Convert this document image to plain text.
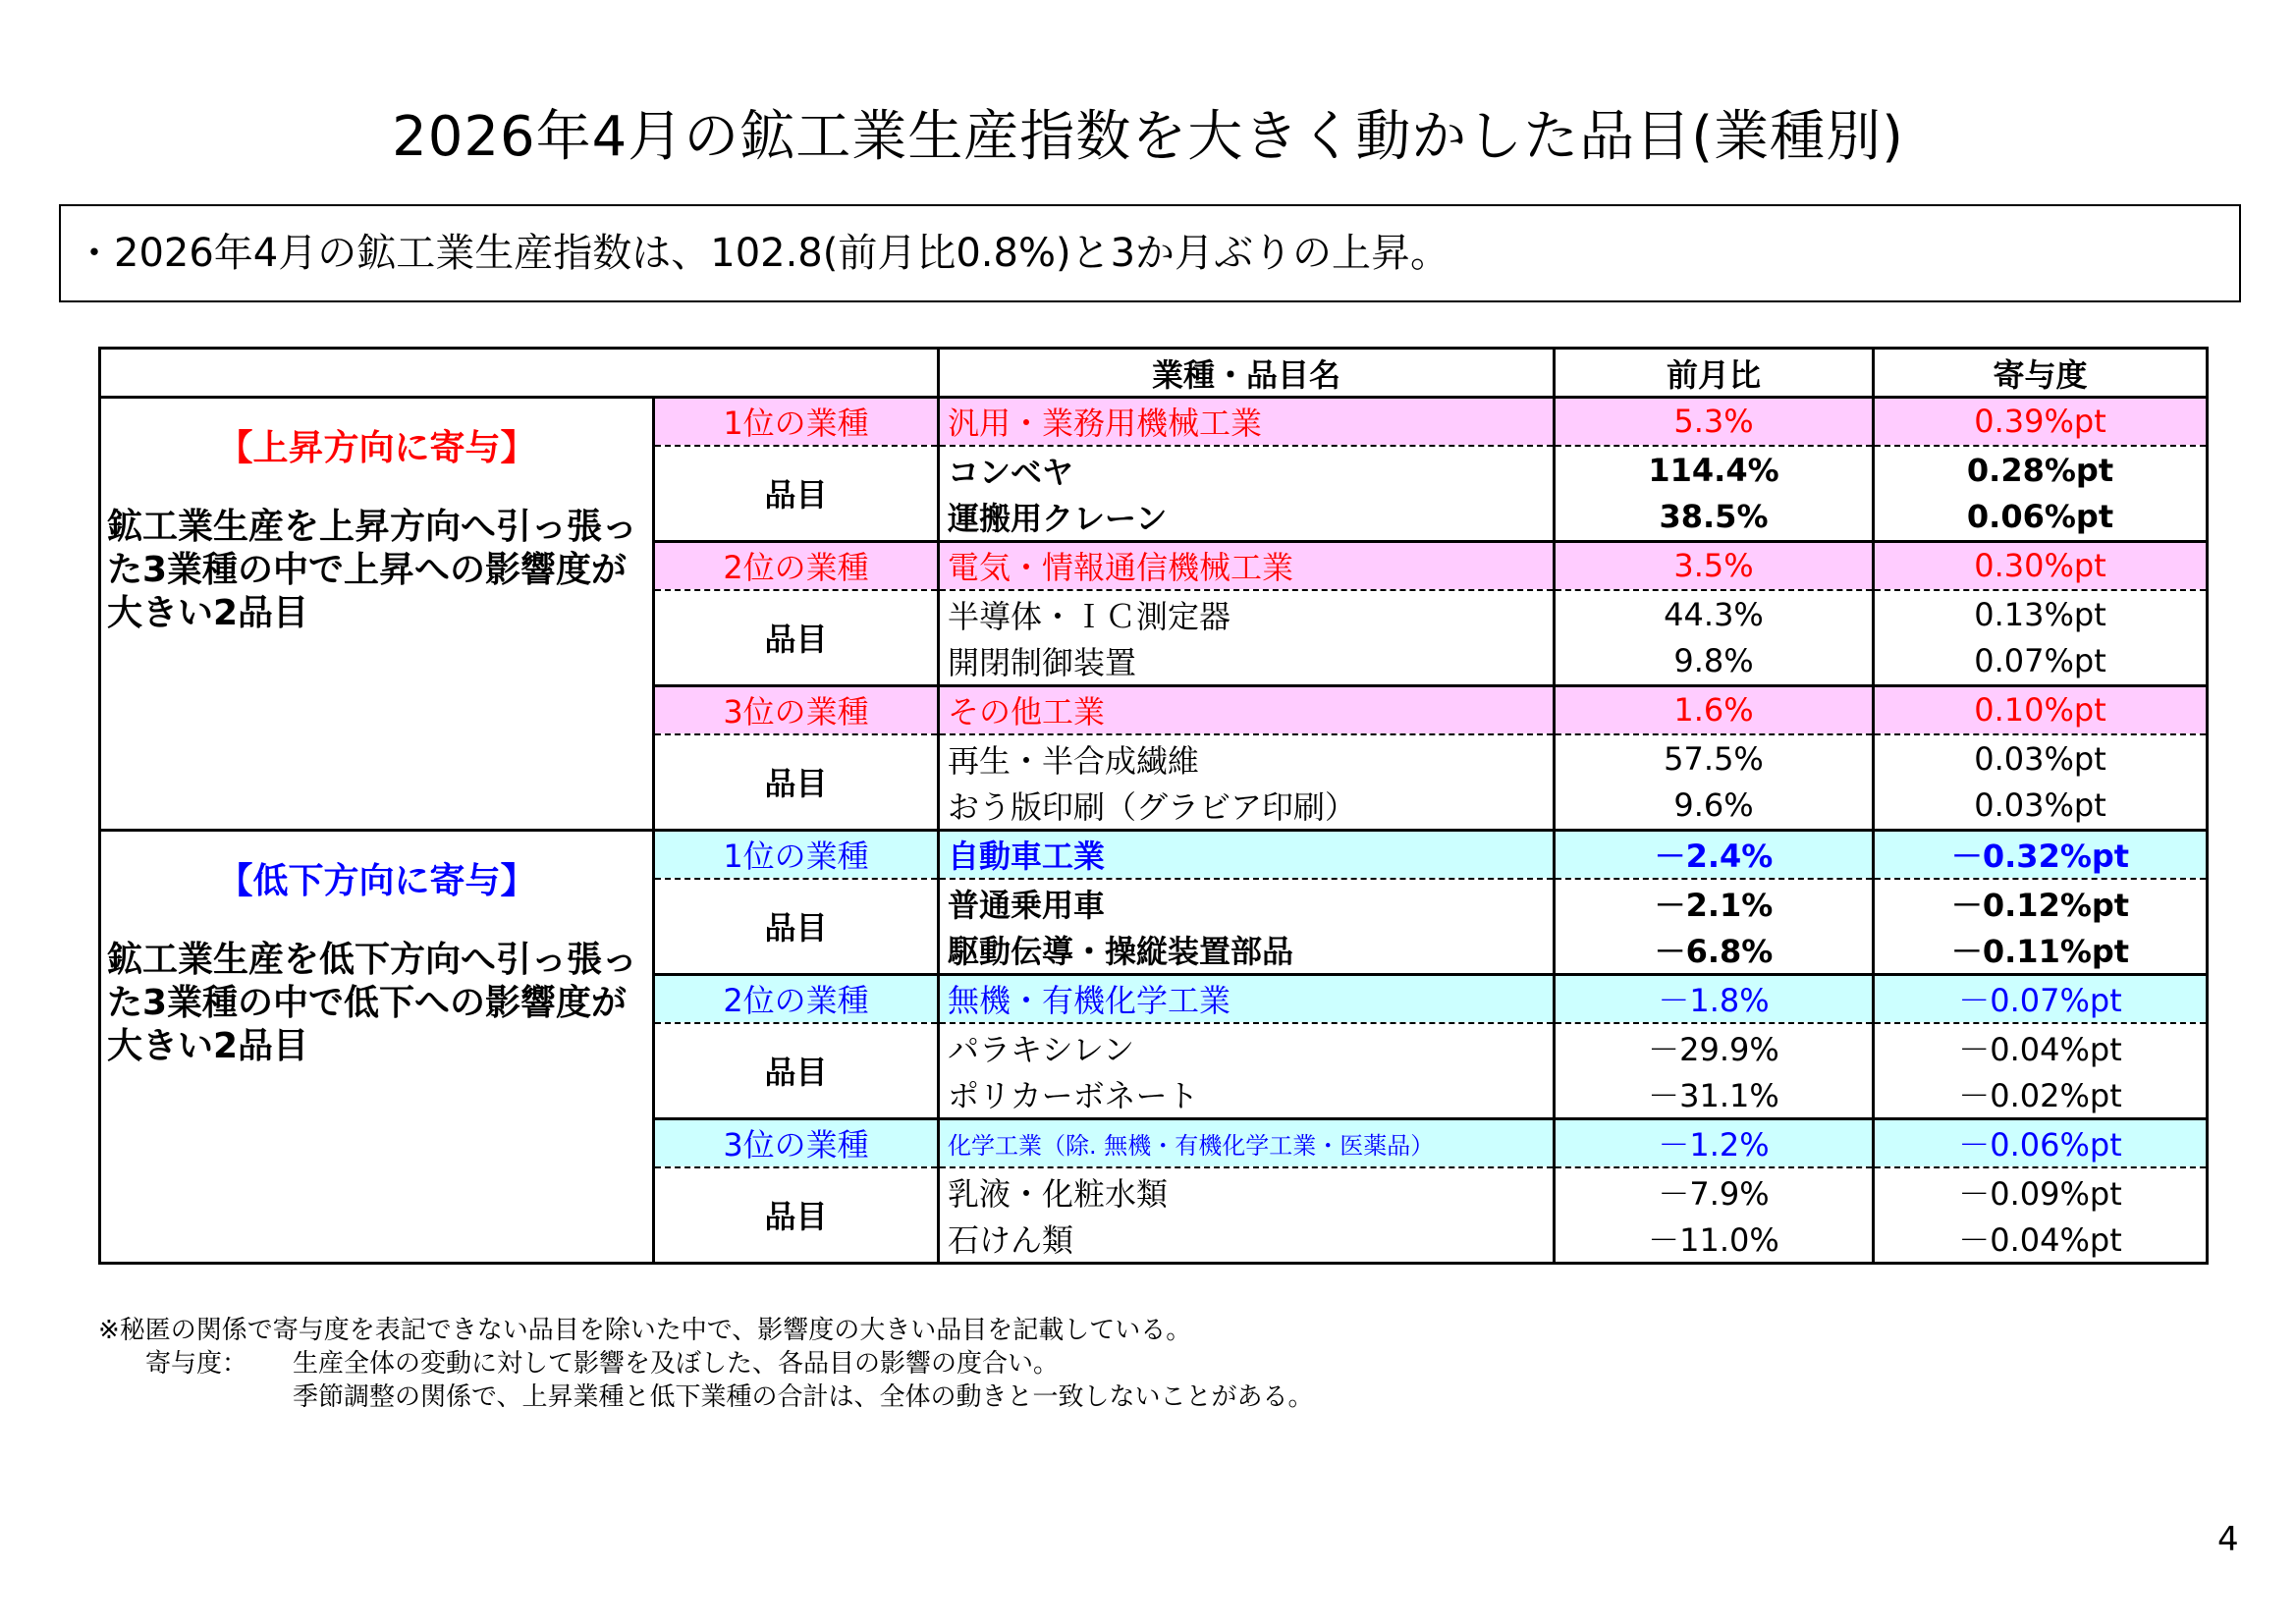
2026年4月の鉱工業生産指数を大きく動かした品目(業種別)
・2026年4月の鉱工業生産指数は、102.8(前月比0.8%)と3か月ぶりの上昇。
		業種・品目名	前月比	寄与度

【上昇方向に寄与】
鉱工業生産を上昇方向へ引っ張った3業種の中で上昇への影響度が大きい2品目	1位の業種	汎用・業務用機械工業	5.3%	0.39%pt
	品目	コンベヤ	114.4%	0.28%pt
		運搬用クレーン	38.5%	0.06%pt
	2位の業種	電気・情報通信機械工業	3.5%	0.30%pt
	品目	半導体・ＩＣ測定器	44.3%	0.13%pt
		開閉制御装置	9.8%	0.07%pt
	3位の業種	その他工業	1.6%	0.10%pt
	品目	再生・半合成繊維	57.5%	0.03%pt
		おう版印刷（グラビア印刷）	9.6%	0.03%pt

【低下方向に寄与】
鉱工業生産を低下方向へ引っ張った3業種の中で低下への影響度が大きい2品目	1位の業種	自動車工業	－2.4%	－0.32%pt
	品目	普通乗用車	－2.1%	－0.12%pt
		駆動伝導・操縦装置部品	－6.8%	－0.11%pt
	2位の業種	無機・有機化学工業	－1.8%	－0.07%pt
	品目	パラキシレン	－29.9%	－0.04%pt
		ポリカーボネート	－31.1%	－0.02%pt
	3位の業種	化学工業（除. 無機・有機化学工業・医薬品）	－1.2%	－0.06%pt
	品目	乳液・化粧水類	－7.9%	－0.09%pt
		石けん類	－11.0%	－0.04%pt
※秘匿の関係で寄与度を表記できない品目を除いた中で、影響度の大きい品目を記載している。
寄与度：	生産全体の変動に対して影響を及ぼした、各品目の影響の度合い。
季節調整の関係で、上昇業種と低下業種の合計は、全体の動きと一致しないことがある。
4
